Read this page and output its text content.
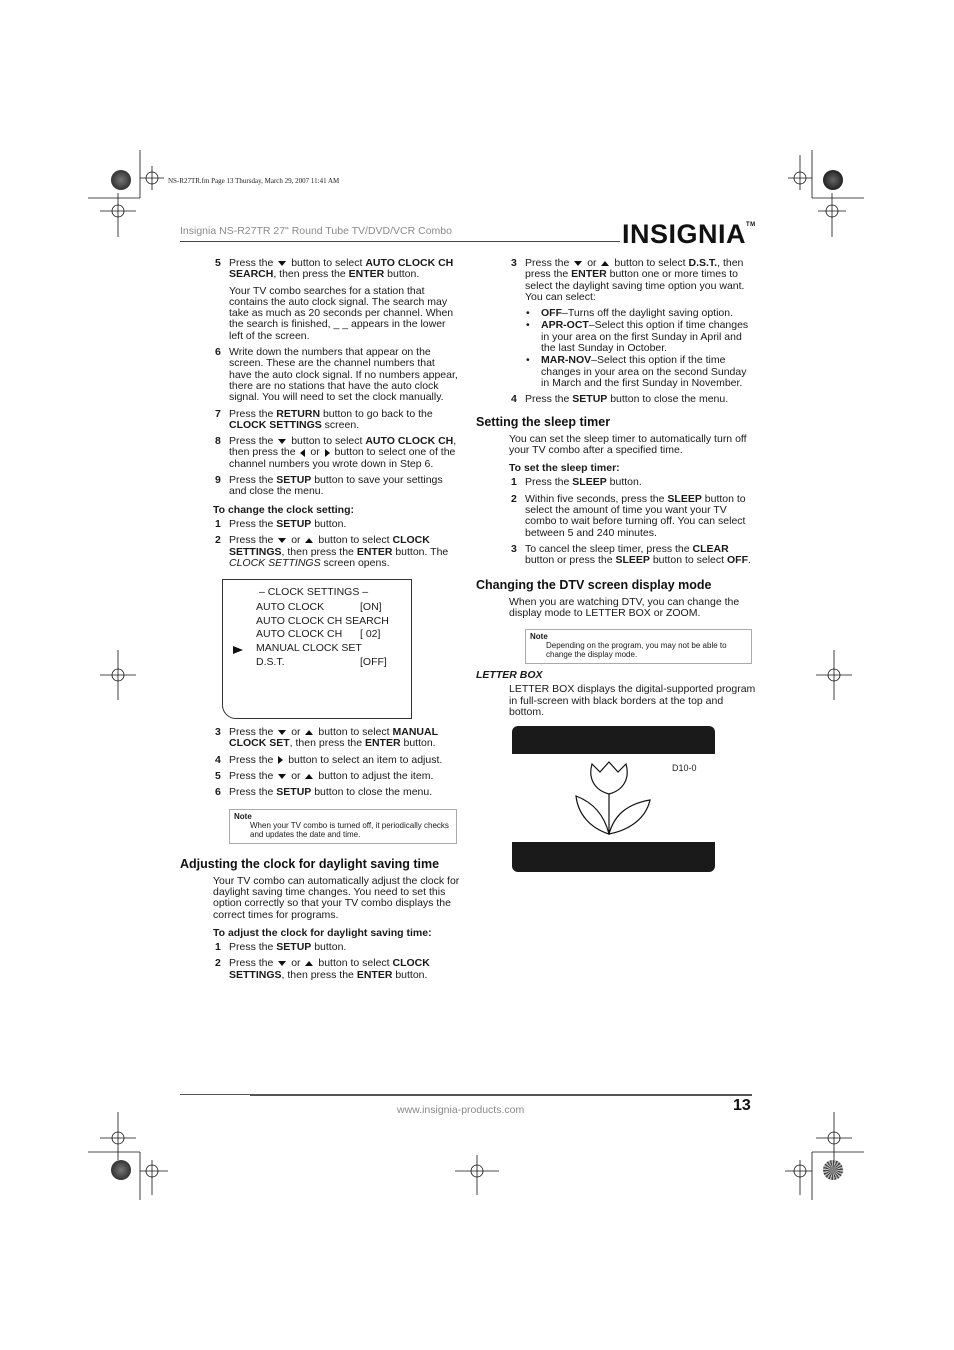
NS-R27TR.fm Page 13 Thursday, March 29, 2007 11:41 AM
Insignia NS-R27TR 27" Round Tube TV/DVD/VCR Combo	INSIGNIA™
5 Press the  button to select AUTO CLOCK CH SEARCH, then press the ENTER button.
Your TV combo searches for a station that contains the auto clock signal. The search may take as much as 20 seconds per channel. When the search is finished, _ _ appears in the lower left of the screen.
6 Write down the numbers that appear on the screen. These are the channel numbers that have the auto clock signal. If no numbers appear, there are no stations that have the auto clock signal. You will need to set the clock manually.
7 Press the RETURN button to go back to the CLOCK SETTINGS screen.
8 Press the  button to select AUTO CLOCK CH, then press the  or  button to select one of the channel numbers you wrote down in Step 6.
9 Press the SETUP button to save your settings and close the menu.
To change the clock setting:
1 Press the SETUP button.
2 Press the  or  button to select CLOCK SETTINGS, then press the ENTER button. The CLOCK SETTINGS screen opens.
– CLOCK SETTINGS –
AUTO CLOCK	[ON]
AUTO CLOCK CH SEARCH
AUTO CLOCK CH [ 02]
MANUAL CLOCK SET
D.S.T.	[OFF]
3 Press the  or  button to select MANUAL CLOCK SET, then press the ENTER button.
4 Press the  button to select an item to adjust.
5 Press the  or  button to adjust the item.
6 Press the SETUP button to close the menu.
Note
When your TV combo is turned off, it periodically checks and updates the date and time.
Adjusting the clock for daylight saving time
Your TV combo can automatically adjust the clock for daylight saving time changes. You need to set this option correctly so that your TV combo displays the correct times for programs.
To adjust the clock for daylight saving time:
1 Press the SETUP button.
2 Press the  or  button to select CLOCK SETTINGS, then press the ENTER button.
3 Press the  or  button to select D.S.T., then press the ENTER button one or more times to select the daylight saving time option you want. You can select:
• OFF–Turns off the daylight saving option.
• APR-OCT–Select this option if time changes in your area on the first Sunday in April and the last Sunday in October.
• MAR-NOV–Select this option if the time changes in your area on the second Sunday in March and the first Sunday in November.
4 Press the SETUP button to close the menu.
Setting the sleep timer
You can set the sleep timer to automatically turn off your TV combo after a specified time.
To set the sleep timer:
1 Press the SLEEP button.
2 Within five seconds, press the SLEEP button to select the amount of time you want your TV combo to wait before turning off. You can select between 5 and 240 minutes.
3 To cancel the sleep timer, press the CLEAR button or press the SLEEP button to select OFF.
Changing the DTV screen display mode
When you are watching DTV, you can change the display mode to LETTER BOX or ZOOM.
Note
Depending on the program, you may not be able to change the display mode.
LETTER BOX
LETTER BOX displays the digital-supported program in full-screen with black borders at the top and bottom.
D10-0
www.insignia-products.com	13
